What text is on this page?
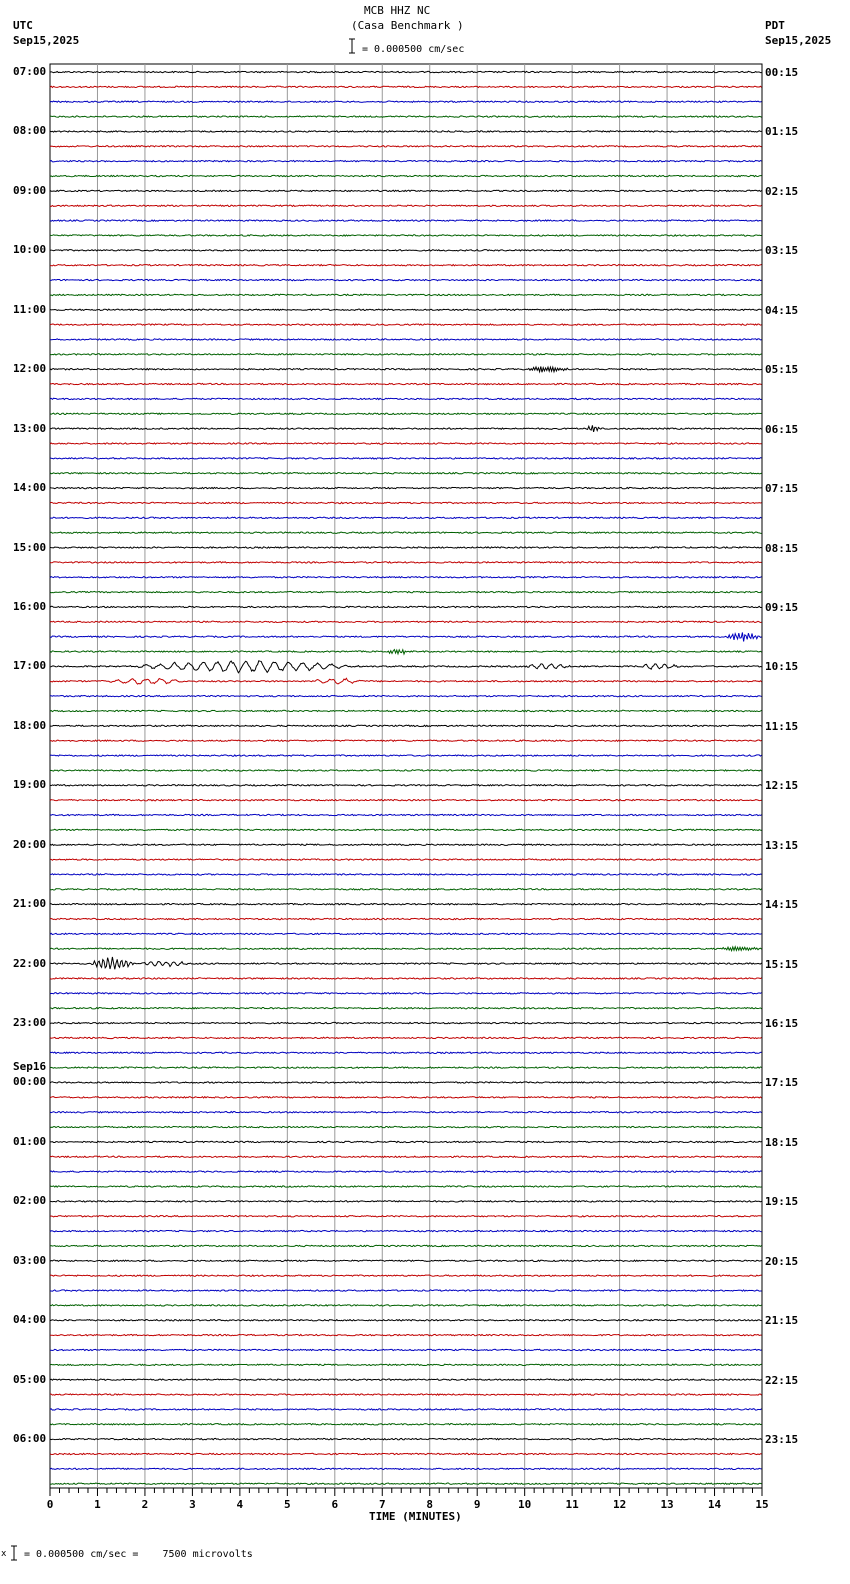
0	1	2	3	4	5	6	7	8	9	10	11	12	13	14	15
MCB HHZ NC
(Casa Benchmark )
= 0.000500 cm/sec
UTC
Sep15,2025
PDT
Sep15,2025
07:00
08:00
09:00
10:00
11:00
12:00
13:00
14:00
15:00
16:00
17:00
18:00
19:00
20:00
21:00
22:00
23:00
00:00
01:00
02:00
03:00
04:00
05:00
06:00
00:15
01:15
02:15
03:15
04:15
05:15
06:15
07:15
08:15
09:15
10:15
11:15
12:15
13:15
14:15
15:15
16:15
17:15
18:15
19:15
20:15
21:15
22:15
23:15
Sep16
TIME (MINUTES)
x = 0.000500 cm/sec =    7500 microvolts
